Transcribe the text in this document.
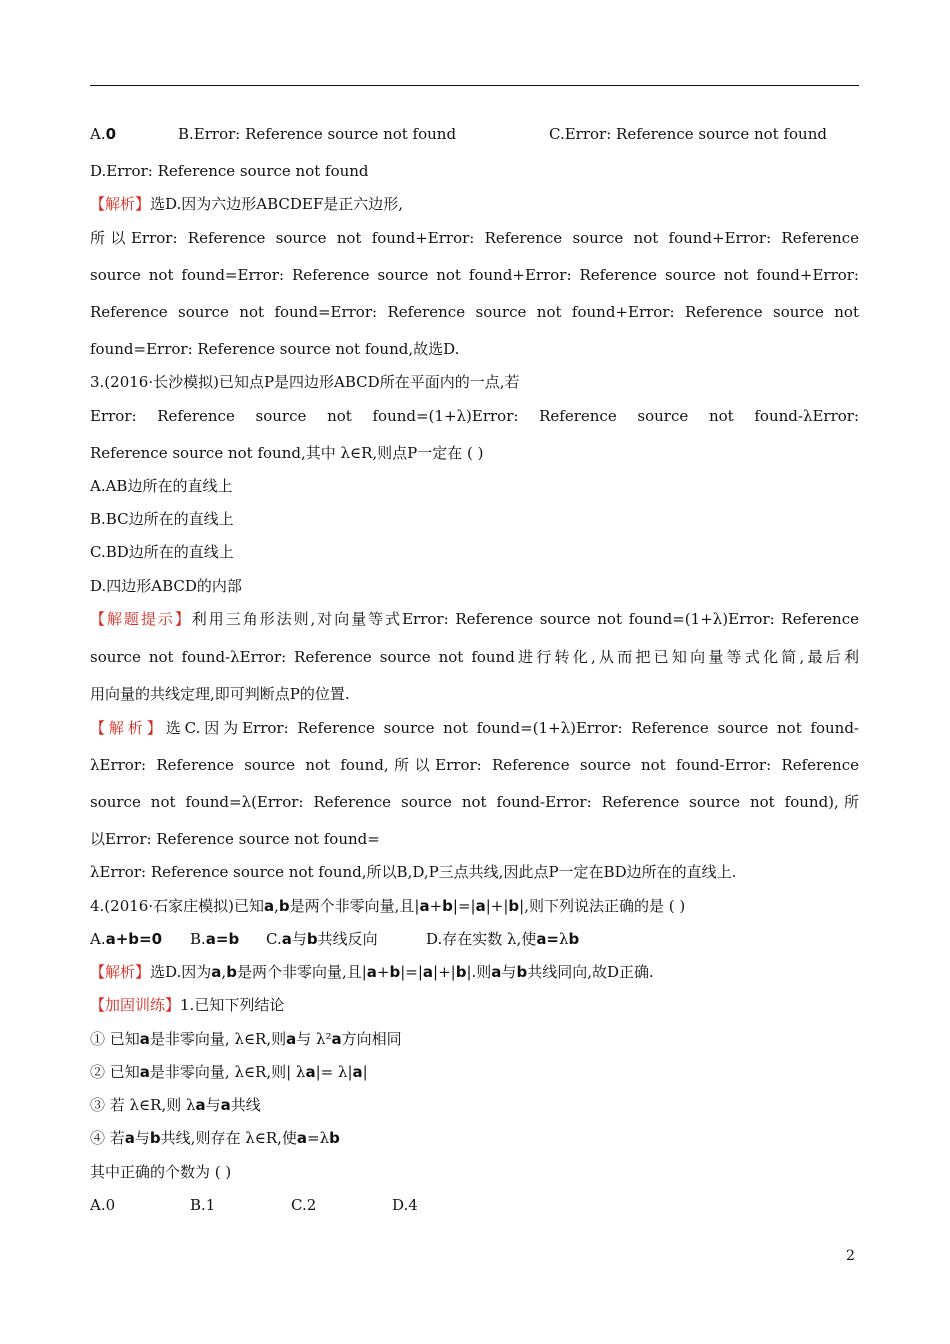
A.0	B.Error: Reference source not found	C.Error: Reference source not found
D.Error: Reference source not found
【解析】选D.因为六边形ABCDEF是正六边形,
所以Error: Reference source not found+Error: Reference source not found+Error: Reference
source not found=Error: Reference source not found+Error: Reference source not found+Error:
Reference source not found=Error: Reference source not found+Error: Reference source not
found=Error: Reference source not found,故选D.
3.(2016·长沙模拟)已知点P是四边形ABCD所在平面内的一点,若
Error: Reference source not found=(1+λ)Error: Reference source not found-λError:
Reference source not found,其中 λ∈R,则点P一定在 ( )
A.AB边所在的直线上
B.BC边所在的直线上
C.BD边所在的直线上
D.四边形ABCD的内部
【解题提示】利用三角形法则,对向量等式Error: Reference source not found=(1+λ)Error: Reference
source not found-λError: Reference source not found进行转化,从而把已知向量等式化简,最后利
用向量的共线定理,即可判断点P的位置.
【解析】选C.因为Error: Reference source not found=(1+λ)Error: Reference source not found-
λError: Reference source not found,所以Error: Reference source not found-Error: Reference
source not found=λ(Error: Reference source not found-Error: Reference source not found),所
以Error: Reference source not found=
λError: Reference source not found,所以B,D,P三点共线,因此点P一定在BD边所在的直线上.
4.(2016·石家庄模拟)已知a,b是两个非零向量,且|a+b|=|a|+|b|,则下列说法正确的是 ( )
A.a+b=0 B.a=b C.a与b共线反向	D.存在实数 λ,使a=λb
【解析】选D.因为a,b是两个非零向量,且|a+b|=|a|+|b|.则a与b共线同向,故D正确.
【加固训练】1.已知下列结论
① 已知a是非零向量, λ∈R,则a与 λ²a方向相同
② 已知a是非零向量, λ∈R,则| λa|= λ|a|
③ 若 λ∈R,则 λa与a共线
④ 若a与b共线,则存在 λ∈R,使a=λb
其中正确的个数为 ( )
A.0	B.1	C.2	D.4
2
